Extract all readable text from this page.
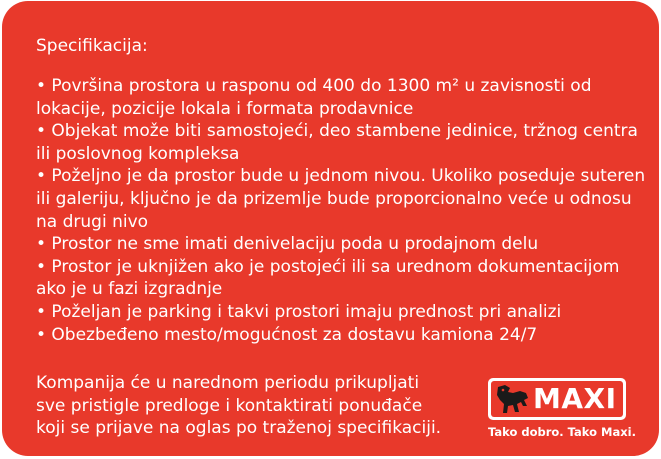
Specifikacija:
• Površina prostora u rasponu od 400 do 1300 m² u zavisnosti od lokacije, pozicije lokala i formata prodavnice
• Objekat može biti samostojeći, deo stambene jedinice, tržnog centra ili poslovnog kompleksa
• Poželjno je da prostor bude u jednom nivou. Ukoliko poseduje suteren ili galeriju, ključno je da prizemlje bude proporcionalno veće u odnosu na drugi nivo
• Prostor ne sme imati denivelaciju poda u prodajnom delu
• Prostor je uknjižen ako je postojeći ili sa urednom dokumentacijom ako je u fazi izgradnje
• Poželjan je parking i takvi prostori imaju prednost pri analizi
• Obezbeđeno mesto/mogućnost za dostavu kamiona 24/7
Kompanija će u narednom periodu prikupljati
sve pristigle predloge i kontaktirati ponuđače
koji se prijave na oglas po traženoj specifikaciji.
MAXI
Tako dobro. Tako Maxi.
